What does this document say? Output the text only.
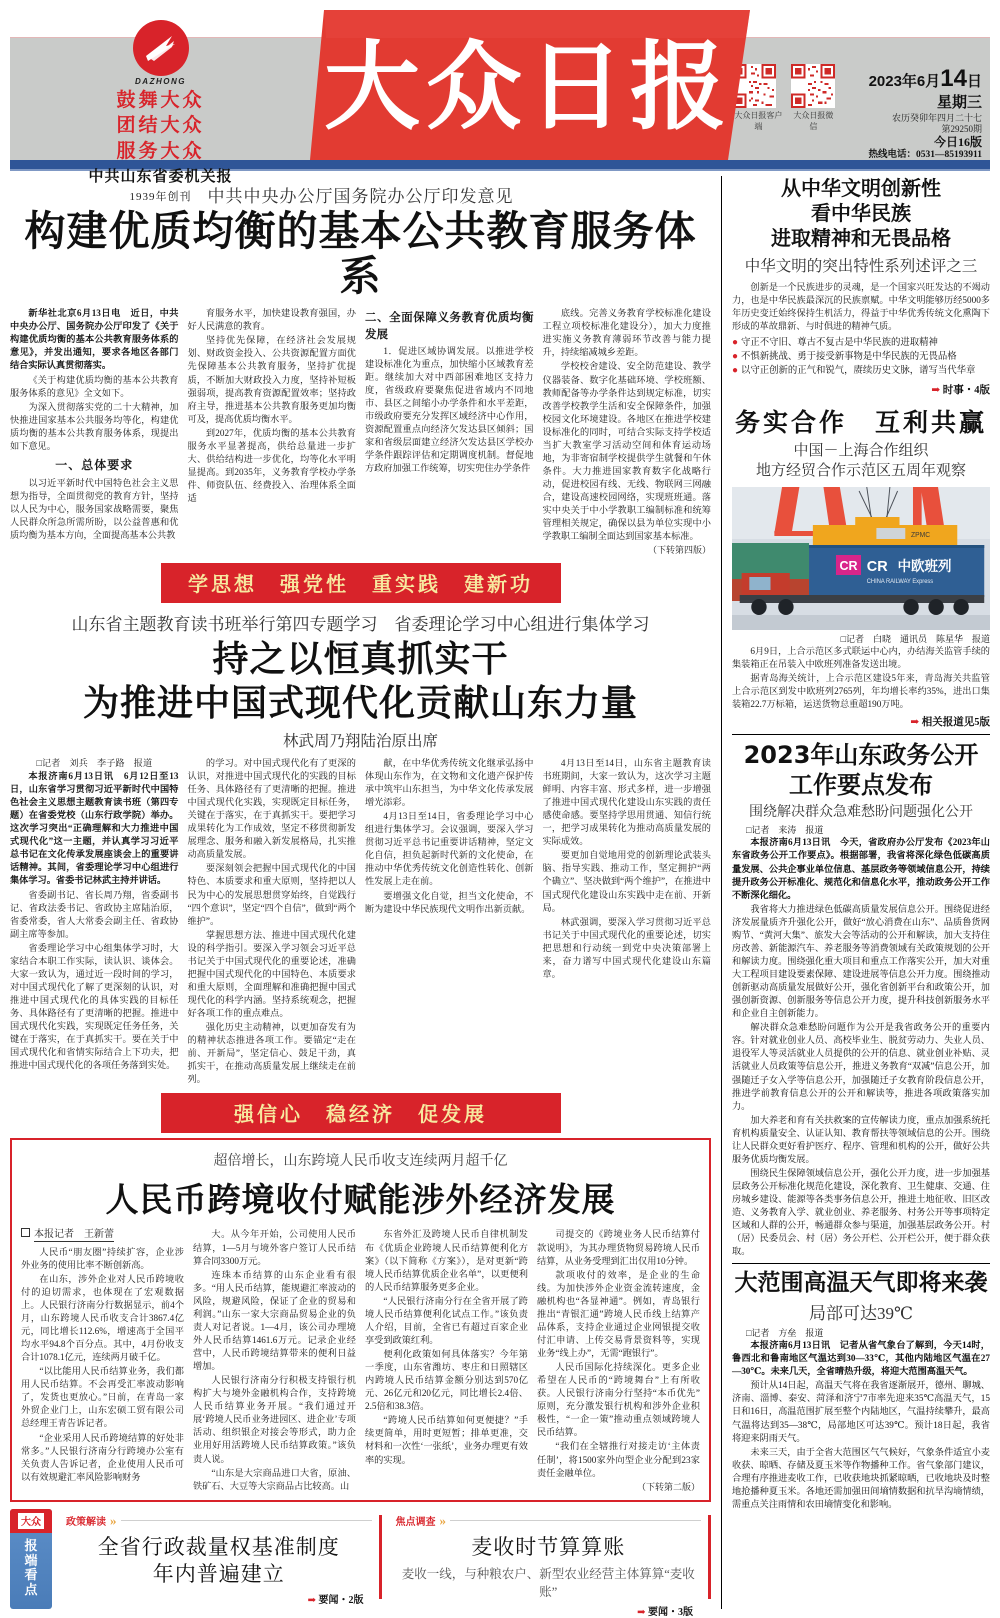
DAZHONG
鼓舞大众
团结大众
服务大众
中共山东省委机关报
1939年创刊
大众日报 大众日报客户端
大众日报微信
2023年6月14日
星期三
农历癸卯年四月二十七
第29250期
今日16版
热线电话：0531—85193911
中共中央办公厅国务院办公厅印发意见
构建优质均衡的基本公共教育服务体系

新华社北京6月13日电　近日，中共中央办公厅、国务院办公厅印发了《关于构建优质均衡的基本公共教育服务体系的意见》，并发出通知，要求各地区各部门结合实际认真贯彻落实。

《关于构建优质均衡的基本公共教育服务体系的意见》全文如下。

为深入贯彻落实党的二十大精神，加快推进国家基本公共服务均等化，构建优质均衡的基本公共教育服务体系，现提出如下意见。

一、总体要求

以习近平新时代中国特色社会主义思想为指导，全面贯彻党的教育方针，坚持以人民为中心，服务国家战略需要，聚焦人民群众所急所需所盼，以公益普惠和优质均衡为基本方向，全面提高基本公共教

育服务水平，加快建设教育强国，办好人民满意的教育。

坚持优先保障，在经济社会发展规划、财政资金投入、公共资源配置方面优先保障基本公共教育服务，坚持扩优提质，不断加大财政投入力度，坚持补短板强弱项，提高教育资源配置效率；坚持政府主导，推进基本公共教育服务更加均衡可及，提高优质均衡水平。

到2027年，优质均衡的基本公共教育服务水平显著提高，供给总量进一步扩大、供给结构进一步优化，均等化水平明显提高。到2035年，义务教育学校办学条件、师资队伍、经费投入、治理体系全面适

二、全面保障义务教育优质均衡发展

1．促进区域协调发展。以推进学校建设标准化为重点，加快缩小区域教育差距。继续加大对中西部困难地区支持力度，省级政府要聚焦促进省域内不同地市、县区之间缩小办学条件和水平差距，市级政府要充分发挥区域经济中心作用，资源配置重点向经济欠发达县区倾斜；国家和省级层面建立经济欠发达县区学校办学条件跟踪评估和定期调度机制。督促地方政府加强工作统筹，切实兜住办学条件

底线。完善义务教育学校标准化建设工程立项校标准化建设分），加大力度推进实施义务教育薄弱环节改善与能力提升，持续缩减城乡差距。

学校校舍建设、安全防范建设、教学仪器装备、数字化基础环境、学校班额、教师配备等办学条件达到规定标准，切实改善学校教学生活和安全保障条件，加强校园文化环境建设。各地区在推进学校建设标准化的同时，可结合实际支持学校适当扩大教室学习活动空间和体育运动场地，为非寄宿制学校提供学生就餐和午休条件。大力推进国家教育数字化战略行动，促进校园有线、无线、物联网三网融合，建设高速校园网络，实现班班通。落实中央关于中小学教职工编制标准和统筹管理相关规定，确保以县为单位实现中小学教职工编制全面达到国家基本标准。

（下转第四版）
学思想　强党性　重实践　建新功
山东省主题教育读书班举行第四专题学习　省委理论学习中心组进行集体学习
持之以恒真抓实干
为推进中国式现代化贡献山东力量
林武周乃翔陆治原出席
□记者　刘兵　李子路　报道

本报济南6月13日讯　6月12日至13日，山东省学习贯彻习近平新时代中国特色社会主义思想主题教育读书班（第四专题）在省委党校（山东行政学院）举办。这次学习突出“正确理解和大力推进中国式现代化”这一主题，并认真学习习近平总书记在文化传承发展座谈会上的重要讲话精神。其间，省委理论学习中心组进行集体学习。省委书记林武主持并讲话。

省委副书记、省长周乃翔，省委副书记、省政法委书记、省政协主席陆治原，省委常委，省人大常委会副主任、省政协副主席等参加。

省委理论学习中心组集体学习时，大家结合本职工作实际，读认识、谈体会。大家一致认为，通过近一段时间的学习，对中国式现代化了解了更深刻的认识，对推进中国式现代化的具体实践的目标任务、具体路径有了更清晰的把握。推进中国式现代化实践，实现既定任务任务，关键在于落实，在于真抓实干。要在关于中国式现代化和省情实际结合上下功夫，把推进中国式现代化的各项任务落到实处。

的学习。对中国式现代化有了更深的认识，对推进中国式现代化的实践的目标任务、具体路径有了更清晰的把握。推进中国式现代化实践，实现既定目标任务，关键在于落实，在于真抓实干。要把学习成果转化为工作成效，坚定不移贯彻新发展理念、服务和融入新发展格局，扎实推动高质量发展。

要深刻领会把握中国式现代化的中国特色、本质要求和重大原则，坚持把以人民为中心的发展思想贯穿始终，自觉践行“四个意识”，坚定“四个自信”，做到“两个维护”。

掌握思想方法、推进中国式现代化建设的科学指引。要深入学习领会习近平总书记关于中国式现代化的重要论述，准确把握中国式现代化的中国特色、本质要求和重大原则，全面理解和准确把握中国式现代化的科学内涵。坚持系统观念，把握好各项工作的重点难点。

强化历史主动精神，以更加奋发有为的精神状态推进各项工作。要锚定“走在前、开新局”，坚定信心、鼓足干劲，真抓实干，在推动高质量发展上继续走在前列。

献，在中华优秀传统文化继承弘扬中体现山东作为，在文物和文化遗产保护传承中筑牢山东担当，为中华文化传承发展增光添彩。

4月13日至14日，省委理论学习中心组进行集体学习。会议强调，要深入学习贯彻习近平总书记重要讲话精神，坚定文化自信，担负起新时代新的文化使命，在推动中华优秀传统文化创造性转化、创新性发展上走在前。

要增强文化自觉，担当文化使命，不断为建设中华民族现代文明作出新贡献。

4月13日至14日，山东省主题教育读书班期间，大家一致认为，这次学习主题鲜明、内容丰富、形式多样，进一步增强了推进中国式现代化建设山东实践的责任感使命感。要坚持学思用贯通、知信行统一，把学习成果转化为推动高质量发展的实际成效。

要更加自觉地用党的创新理论武装头脑、指导实践、推动工作，坚定拥护“两个确立”、坚决做到“两个维护”，在推进中国式现代化建设山东实践中走在前、开新局。

林武强调，要深入学习贯彻习近平总书记关于中国式现代化的重要论述，切实把思想和行动统一到党中央决策部署上来，奋力谱写中国式现代化建设山东篇章。

强信心　稳经济　促发展
超倍增长，山东跨境人民币收支连续两月超千亿
人民币跨境收付赋能涉外经济发展
本报记者　王新蕾

人民币“朋友圈”持续扩容，企业涉外业务的使用比率不断创新高。

在山东，涉外企业对人民币跨境收付的迫切需求，也体现在了宏观数据上。人民银行济南分行数据显示，前4个月，山东跨境人民币收支合计3867.4亿元，同比增长112.6%，增速高于全国平均水平94.8个百分点。其中，4月份收支合计1078.1亿元，连续两月破千亿。

“以比能用人民币结算业务，我们都用人民币结算。不会再受汇率波动影响了，发货也更放心。”日前，在青岛一家外贸企业门上，山东宏硕工贸有限公司总经理王青告诉记者。

“企业采用人民币跨境结算的好处非常多。”人民银行济南分行跨境办公室有关负责人告诉记者，企业使用人民币可以有效规避汇率风险影响财务

大。从今年开始，公司使用人民币结算，1—5月与境外客户签订人民币结算合同3300万元。

连珠本币结算的山东企业看有很多。“用人民币结算，能规避汇率波动的风险，规避风险，保证了企业的贸易和利润。”山东一家大宗商品贸易企业的负责人对记者说。1—4月，该公司办理境外人民币结算1461.6万元。记录企业经营中，人民币跨境结算带来的便利日益增加。

人民银行济南分行积极支持银行机构扩大与境外金融机构合作，支持跨境人民币结算业务开展。“我们通过开展‘跨境人民币业务进园区、进企业’专项活动、组织银企对接会等形式，助力企业用好用活跨境人民币结算政策。”该负责人说。

“山东是大宗商品进口大省，原油、铁矿石、大豆等大宗商品占比较高。山

东省外汇及跨境人民币自律机制发布《优质企业跨境人民币结算便利化方案》（以下简称《方案》），是对更新“跨境人民币结算优质企业名单”，以更便利的人民币结算服务更多企业。

“人民银行济南分行在全省开展了跨境人民币结算便利化试点工作。”该负责人介绍，目前，全省已有超过百家企业享受到政策红利。

便利化政策如何具体落实？今年第一季度，山东省潍坊、枣庄和日照辖区内跨境人民币结算金额分别达到570亿元、26亿元和20亿元，同比增长2.4倍、2.5倍和38.3倍。

“跨境人民币结算如何更便捷？”手续更简单，用时更短暂；排单更准，交材料和一次性‘一张纸’，业务办理更有效率的实现。

司提交的《跨境业务人民币结算付款说明》，为其办理货物贸易跨境人民币结算，从业务受理到汇出仅用10分钟。

款项收付的效率，是企业的生命线。为加快涉外企业资金流转速度，金融机构也“各显神通”。例如，青岛银行推出“青银汇通”跨境人民币线上结算产品体系，支持企业通过企业网银提交收付汇申请、上传交易背景资料等，实现业务“线上办”，无需“跑银行”。

人民币国际化持续深化。更多企业希望在人民币的“跨境舞台”上有所收获。人民银行济南分行坚持“本币优先”原则，充分激发银行机构和涉外企业积极性，“一企一策”推动重点领域跨境人民币结算。

“我们在全辖推行对接走访‘主体责任制’，将1500家外向型企业分配到23家责任金融单位。

（下转第二版）
大众
报
端
看
点
政策解读 »
全省行政裁量权基准制度
年内普遍建立
➡ 要闻・2版
焦点调查 »
麦收时节算算账
麦收一线，与种粮农户、新型农业经营主体算算“麦收账”
➡ 要闻・3版
从中华文明创新性
看中华民族
进取精神和无畏品格
中华文明的突出特性系列述评之三

创新是一个民族进步的灵魂，是一个国家兴旺发达的不竭动力，也是中华民族最深沉的民族禀赋。中华文明能够历经5000多年历史变迁始终保持生机活力，得益于中华优秀传统文化熏陶下形成的革故鼎新、与时俱进的精神气质。

● 守正不守旧、尊古不复古是中华民族的进取精神
● 不惧新挑战、勇于接受新事物是中华民族的无畏品格
● 以守正创新的正气和锐气，赓续历史文脉，谱写当代华章
➡ 时事・4版
务实合作　互利共赢
中国－上海合作组织
地方经贸合作示范区五周年观察
ZPMC
CR CR 中欧班列
CHINA RAILWAY Express
□记者　白晓　通讯员　陈星华　报道

6月9日，上合示范区多式联运中心内，办结海关监管手续的集装箱正在吊装入中欧班列准备发送出境。

据青岛海关统计，上合示范区建设5年来，青岛海关共监管上合示范区到发中欧班列2765列，年均增长率约35%，进出口集装箱22.7万标箱，运送货物总重超190万吨。

➡ 相关报道见5版
2023年山东政务公开
工作要点发布
围绕解决群众急难愁盼问题强化公开
□记者　来涛　报道

本报济南6月13日讯　今天，省政府办公厅发布《2023年山东省政务公开工作要点》。根据部署，我省将深化绿色低碳高质量发展、公共企事业单位信息、基层政务等领域信息公开，持续提升政务公开标准化、规范化和信息化水平，推动政务公开工作不断深化细化。

我省将大力推进绿色低碳高质量发展信息公开。围绕促进经济发展量质齐升强化公开，做好“放心消费在山东”、品质鲁货网购节、“黄河大集”、旅发大会等活动的公开和解读，加大支持住房改善、新能源汽车、养老服务等消费领域有关政策规划的公开和解读力度。围绕强化重大项目和重点工作落实公开，加大对重大工程项目建设要素保障、建设进展等信息公开力度。围绕推动创新驱动高质量发展做好公开，强化省创新平台和政策公开，加强创新资源、创新服务等信息公开力度，提升科技创新服务水平和企业自主创新能力。

解决群众急难愁盼问题作为公开是我省政务公开的重要内容。针对就业创业人员、高校毕业生、脱贫劳动力、失业人员、退役军人等灵活就业人员提供的公开的信息、就业创业补贴、灵活就业人员政策等信息公开，推进义务教育“双减”信息公开，加强随迁子女入学等信息公开，加强随迁子女教育阶段信息公开，推进学前教育信息公开的公开和解读等，推进各项政策落实加力。

加大养老和育有关扶救案的宣传解读力度，重点加强系统托育机构质量安全、认证认知、教育帮扶等领域信息的公开。围绕让人民群众更好看护医疗、程序、管理和机构的公开，做好公共服务优质均衡发展。

围绕民生保障领域信息公开，强化公开力度，进一步加强基层政务公开标准化规范化建设，深化教育、卫生健康、交通、住房城乡建设、能源等各类事务信息公开，推进土地征收、旧区改造、义务教育入学、就业创业、养老服务、村务公开等事项特定区域和人群的公开，畅通群众参与渠道，加强基层政务公开。村（居）民委员会、村（居）务公开栏、公开栏公开，便于群众获取。

大范围高温天气即将来袭
局部可达39℃
□记者　方垒　报道

本报济南6月13日讯　记者从省气象台了解到，今天14时，鲁西北和鲁南地区气温达到30—33℃，其他内陆地区气温在27—30℃。未来几天，全省晴热升级，将迎大范围高温天气。

预计从14日起，高温天气将在我省逐渐展开，德州、聊城、济南、淄博、泰安、菏泽和济宁7市率先迎来35℃高温天气，15日和16日，高温范围扩展至整个内陆地区，气温持续攀升，最高气温将达到35—38℃，局部地区可达39℃。预计18日起，我省将迎来阴雨天气。

未来三天，由于全省大范围区气气候好，气象条件适宜小麦收获、晾晒、存储及夏玉米等作物播种工作。省气象部门建议，合理有序推进麦收工作，已收获地块抓紧晾晒，已收地块及时整地抢播种夏玉米。各地还需加强田间墒情数据和抗旱沟墒情绩，需重点关注雨情和农田墒情变化和影响。
